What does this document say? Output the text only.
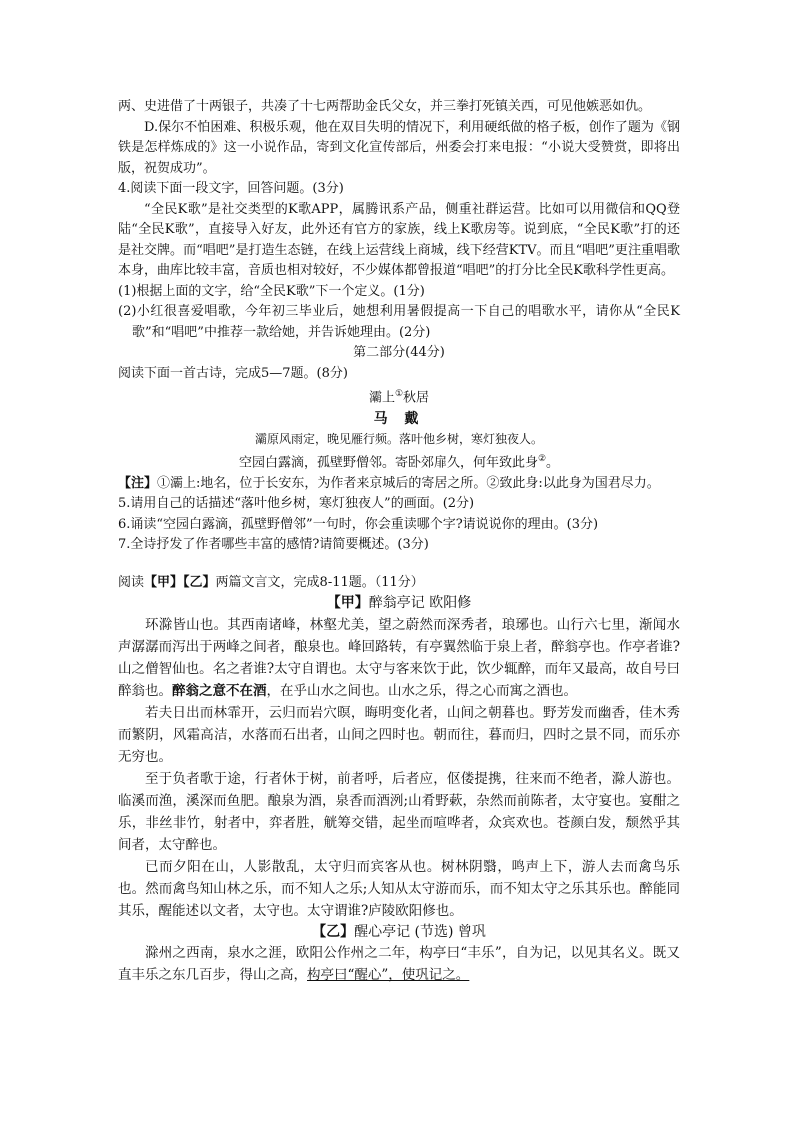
两、史进借了十两银子，共凑了十七两帮助金氏父女，并三拳打死镇关西，可见他嫉恶如仇。

D.保尔不怕困难、积极乐观，他在双目失明的情况下，利用硬纸做的格子板，创作了题为《钢铁是怎样炼成的》这一小说作品，寄到文化宣传部后，州委会打来电报：“小说大受赞赏，即将出版，祝贺成功”。

4.阅读下面一段文字，回答问题。(3分)

“全民K歌”是社交类型的K歌APP，属腾讯系产品，侧重社群运营。比如可以用微信和QQ登陆“全民K歌”，直接导入好友，此外还有官方的家族，线上K歌房等。说到底，“全民K歌”打的还是社交牌。而“唱吧”是打造生态链，在线上运营线上商城，线下经营KTV。而且“唱吧”更注重唱歌本身，曲库比较丰富，音质也相对较好，不少媒体都曾报道“唱吧”的打分比全民K歌科学性更高。

(1)根据上面的文字，给“全民K歌”下一个定义。(1分)

(2)小红很喜爱唱歌，今年初三毕业后，她想利用暑假提高一下自己的唱歌水平，请你从“全民K歌”和“唱吧”中推荐一款给她，并告诉她理由。(2分)

第二部分(44分)

阅读下面一首古诗，完成5—7题。(8分)

灞上①秋居

马 戴

灞原风雨定，晚见雁行频。落叶他乡树，寒灯独夜人。

空园白露滴，孤壁野僧邻。寄卧郊扉久，何年致此身②。

【注】①灞上:地名，位于长安东，为作者来京城后的寄居之所。②致此身:以此身为国君尽力。

5.请用自己的话描述“落叶他乡树，寒灯独夜人”的画面。(2分)

6.诵读“空园白露滴，孤壁野僧邻”一句时，你会重读哪个字?请说说你的理由。(3分)

7.全诗抒发了作者哪些丰富的感情?请简要概述。(3分)

阅读【甲】【乙】两篇文言文，完成8-11题。（11分）

【甲】醉翁亭记 欧阳修

环滁皆山也。其西南诸峰，林壑尤美，望之蔚然而深秀者，琅琊也。山行六七里，渐闻水声潺潺而泻出于两峰之间者，酿泉也。峰回路转，有亭翼然临于泉上者，醉翁亭也。作亭者谁?山之僧智仙也。名之者谁?太守自谓也。太守与客来饮于此，饮少辄醉，而年又最高，故自号曰醉翁也。醉翁之意不在酒，在乎山水之间也。山水之乐，得之心而寓之酒也。

若夫日出而林霏开，云归而岩穴暝，晦明变化者，山间之朝暮也。野芳发而幽香，佳木秀而繁阴，风霜高洁，水落而石出者，山间之四时也。朝而往，暮而归，四时之景不同，而乐亦无穷也。

至于负者歌于途，行者休于树，前者呼，后者应，伛偻提携，往来而不绝者，滁人游也。临溪而渔，溪深而鱼肥。酿泉为酒，泉香而酒洌;山肴野蔌，杂然而前陈者，太守宴也。宴酣之乐，非丝非竹，射者中，弈者胜，觥筹交错，起坐而喧哗者，众宾欢也。苍颜白发，颓然乎其间者，太守醉也。

已而夕阳在山，人影散乱，太守归而宾客从也。树林阴翳，鸣声上下，游人去而禽鸟乐也。然而禽鸟知山林之乐，而不知人之乐;人知从太守游而乐，而不知太守之乐其乐也。醉能同其乐，醒能述以文者，太守也。太守谓谁?庐陵欧阳修也。

【乙】醒心亭记 (节选) 曾巩

滁州之西南，泉水之涯，欧阳公作州之二年，构亭曰“丰乐”，自为记，以见其名义。既又直丰乐之东几百步，得山之高，构亭曰“醒心”，使巩记之。
